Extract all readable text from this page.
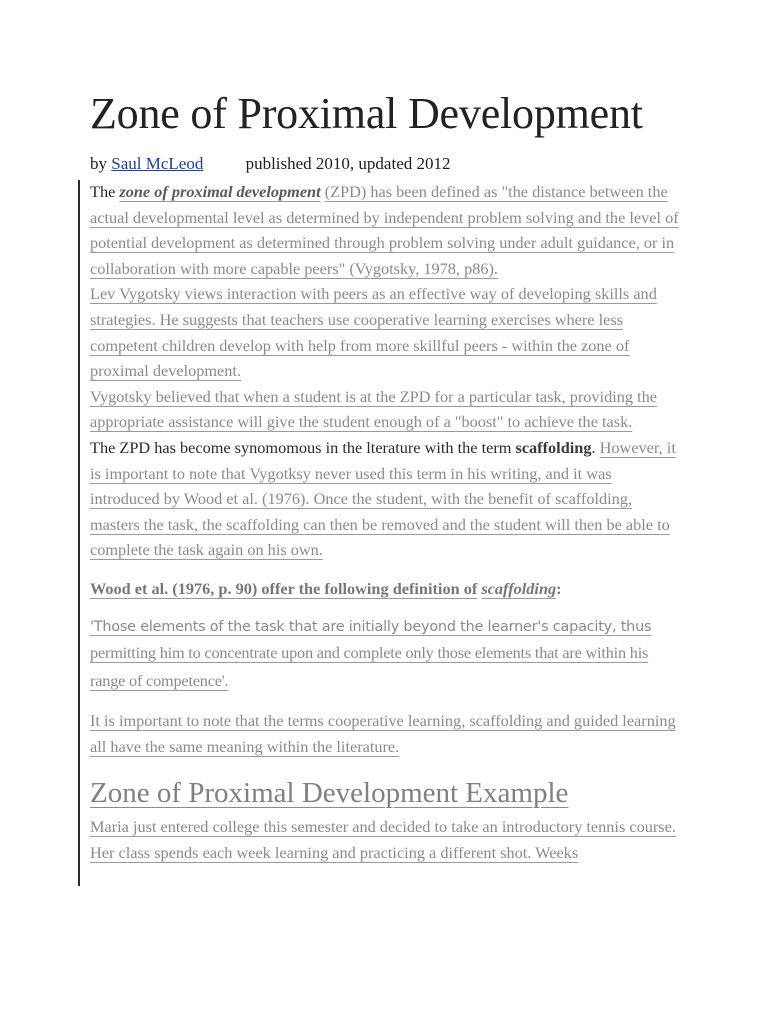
Zone of Proximal Development
by Saul McLeod published 2010, updated 2012

The zone of proximal development (ZPD) has been defined as "the distance between the actual developmental level as determined by independent problem solving and the level of potential development as determined through problem solving under adult guidance, or in collaboration with more capable peers" (Vygotsky, 1978, p86).

Lev Vygotsky views interaction with peers as an effective way of developing skills and strategies. He suggests that teachers use cooperative learning exercises where less competent children develop with help from more skillful peers - within the zone of proximal development.

Vygotsky believed that when a student is at the ZPD for a particular task, providing the appropriate assistance will give the student enough of a "boost" to achieve the task.

The ZPD has become synomomous in the lterature with the term scaffolding. However, it is important to note that Vygotksy never used this term in his writing, and it was introduced by Wood et al. (1976). Once the student, with the benefit of scaffolding, masters the task, the scaffolding can then be removed and the student will then be able to complete the task again on his own.

Wood et al. (1976, p. 90) offer the following definition of scaffolding:

'Those elements of the task that are initially beyond the learner's capacity, thus permitting him to concentrate upon and complete only those elements that are within his range of competence'.

It is important to note that the terms cooperative learning, scaffolding and guided learning all have the same meaning within the literature.

Zone of Proximal Development Example

Maria just entered college this semester and decided to take an introductory tennis course. Her class spends each week learning and practicing a different shot. Weeks
